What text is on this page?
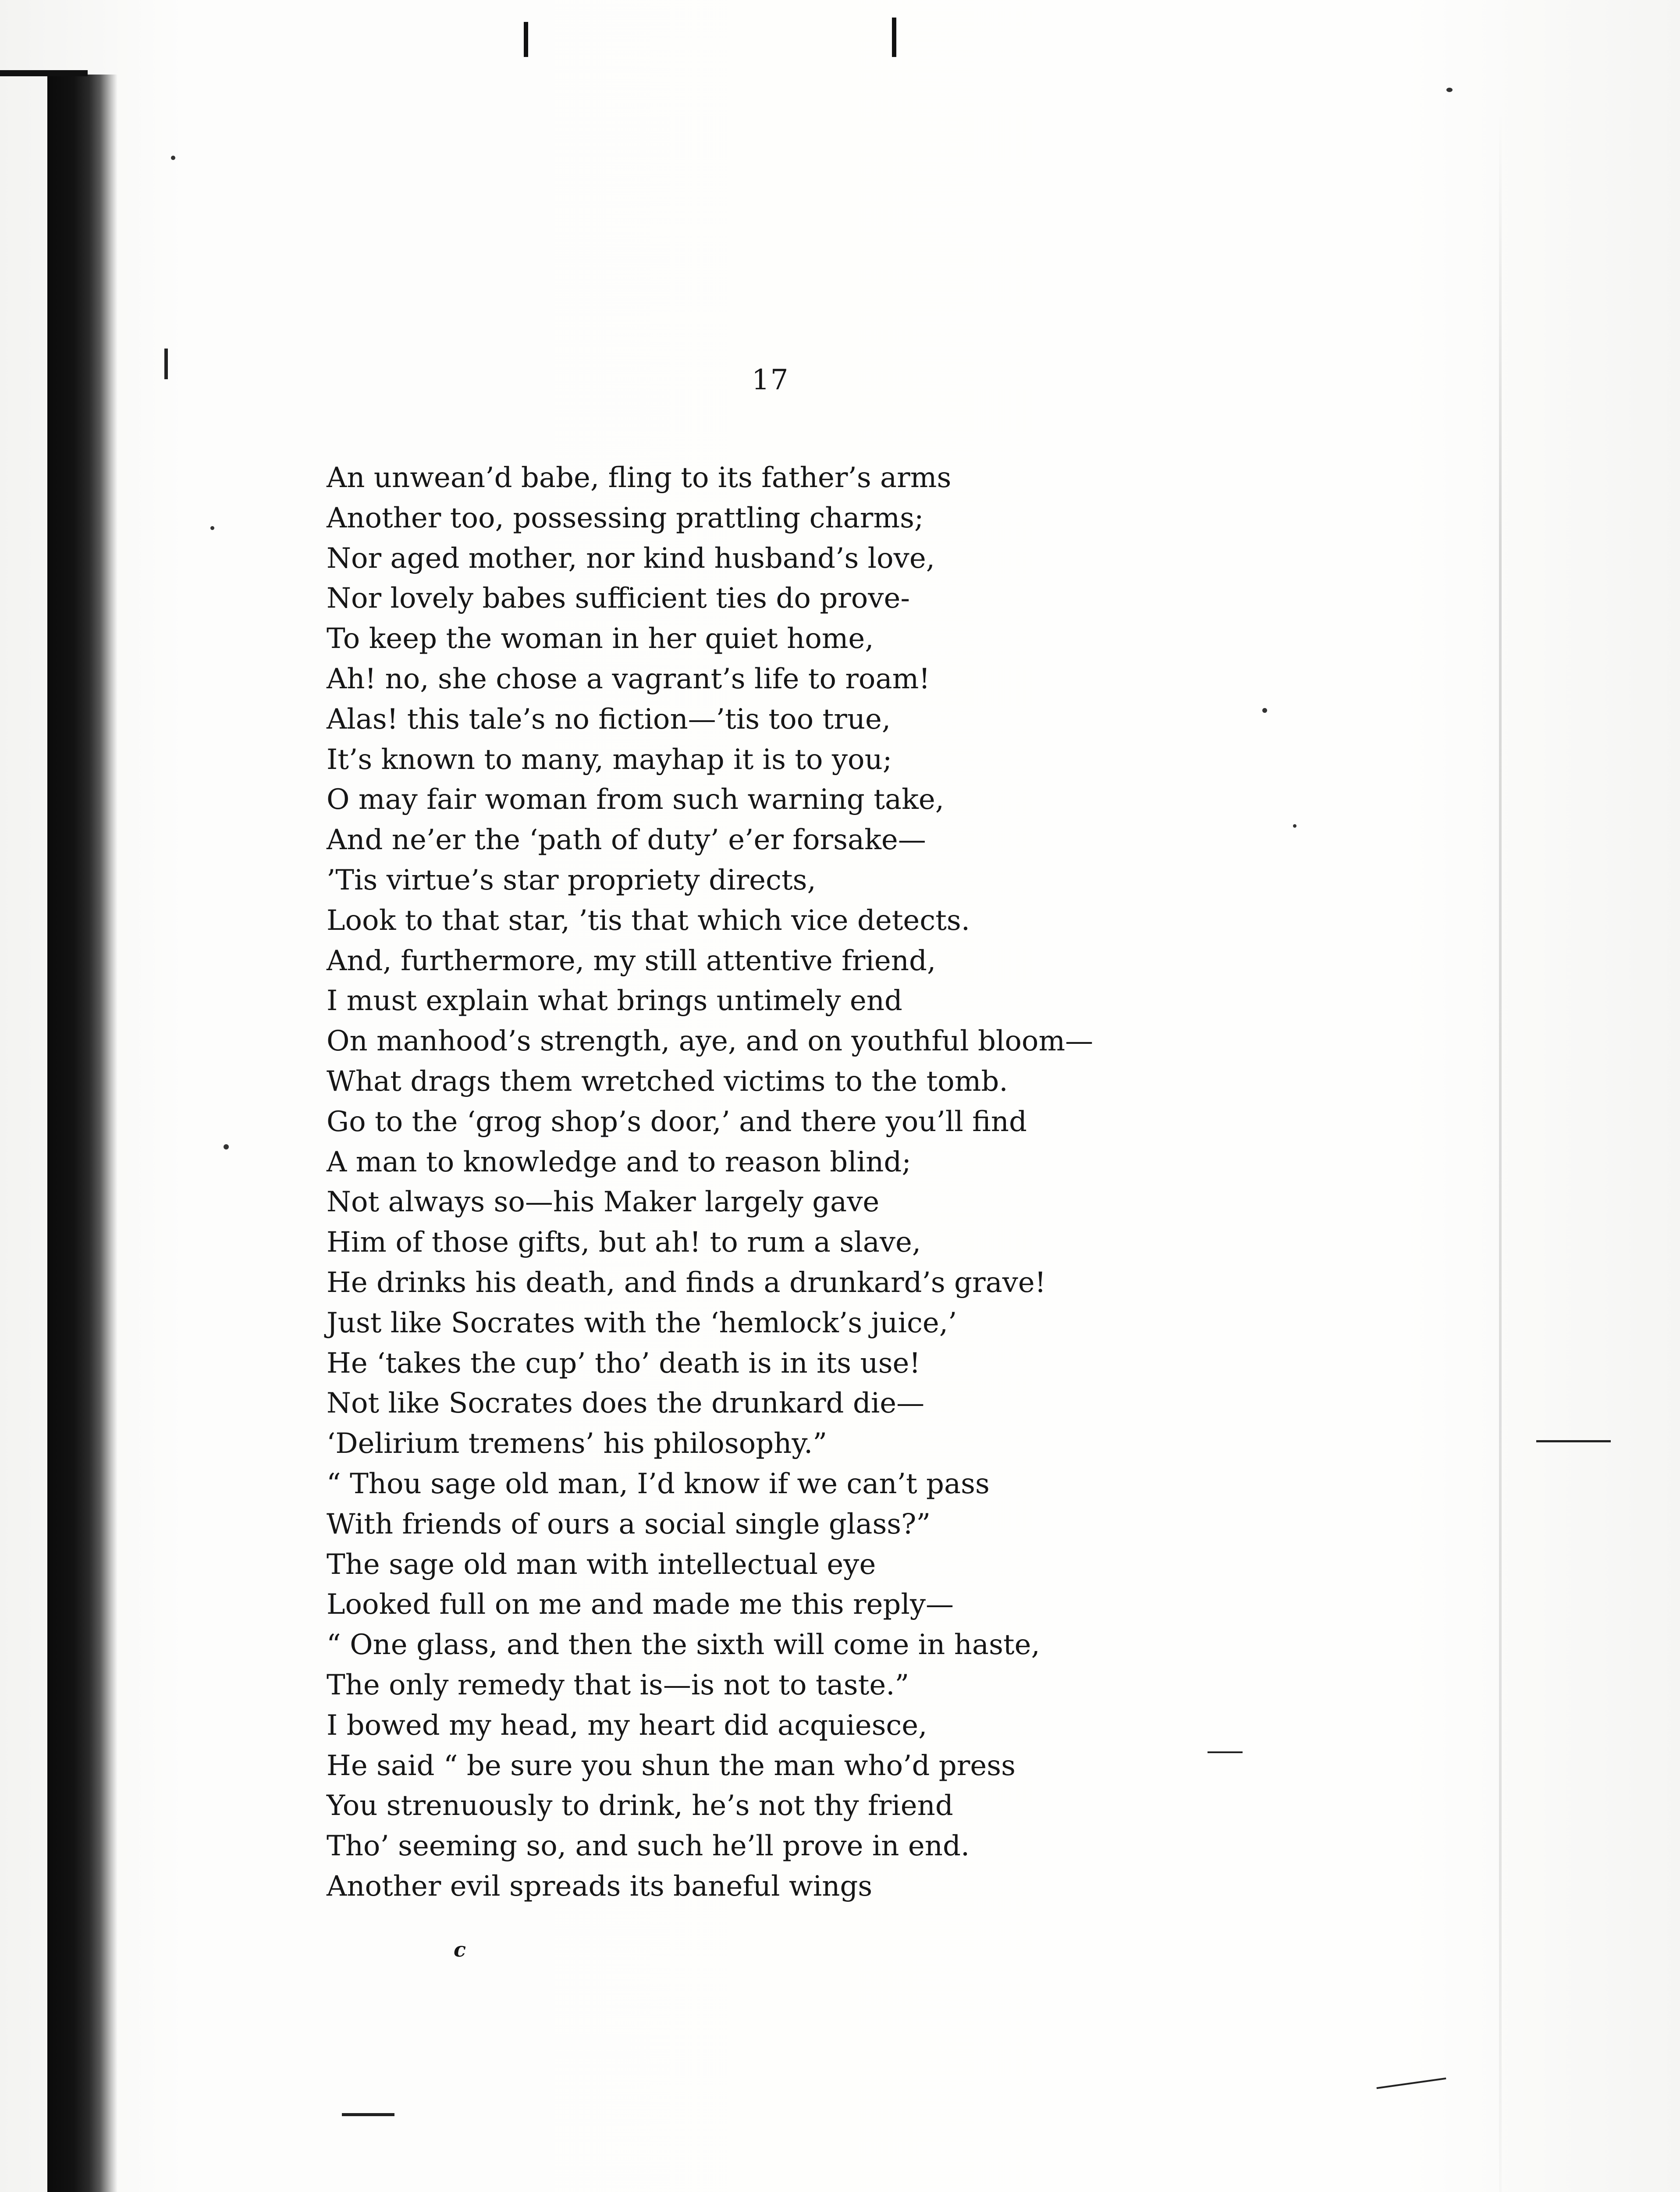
17
An unwean’d babe, fling to its father’s arms
Another too, possessing prattling charms;
Nor aged mother, nor kind husband’s love,
Nor lovely babes sufficient ties do prove-
To keep the woman in her quiet home,
Ah! no, she chose a vagrant’s life to roam!
Alas! this tale’s no fiction—’tis too true,
It’s known to many, mayhap it is to you;
O may fair woman from such warning take,
And ne’er the ‘path of duty’ e’er forsake—
’Tis virtue’s star propriety directs,
Look to that star, ’tis that which vice detects.
And, furthermore, my still attentive friend,
I must explain what brings untimely end
On manhood’s strength, aye, and on youthful bloom—
What drags them wretched victims to the tomb.
Go to the ‘grog shop’s door,’ and there you’ll find
A man to knowledge and to reason blind;
Not always so—his Maker largely gave
Him of those gifts, but ah! to rum a slave,
He drinks his death, and finds a drunkard’s grave!
Just like Socrates with the ‘hemlock’s juice,’
He ‘takes the cup’ tho’ death is in its use!
Not like Socrates does the drunkard die—
‘Delirium tremens’ his philosophy.”
“ Thou sage old man, I’d know if we can’t pass
With friends of ours a social single glass?”
The sage old man with intellectual eye
Looked full on me and made me this reply—
“ One glass, and then the sixth will come in haste,
The only remedy that is—is not to taste.”
I bowed my head, my heart did acquiesce,
He said “ be sure you shun the man who’d press
You strenuously to drink, he’s not thy friend
Tho’ seeming so, and such he’ll prove in end.
Another evil spreads its baneful wings
c
